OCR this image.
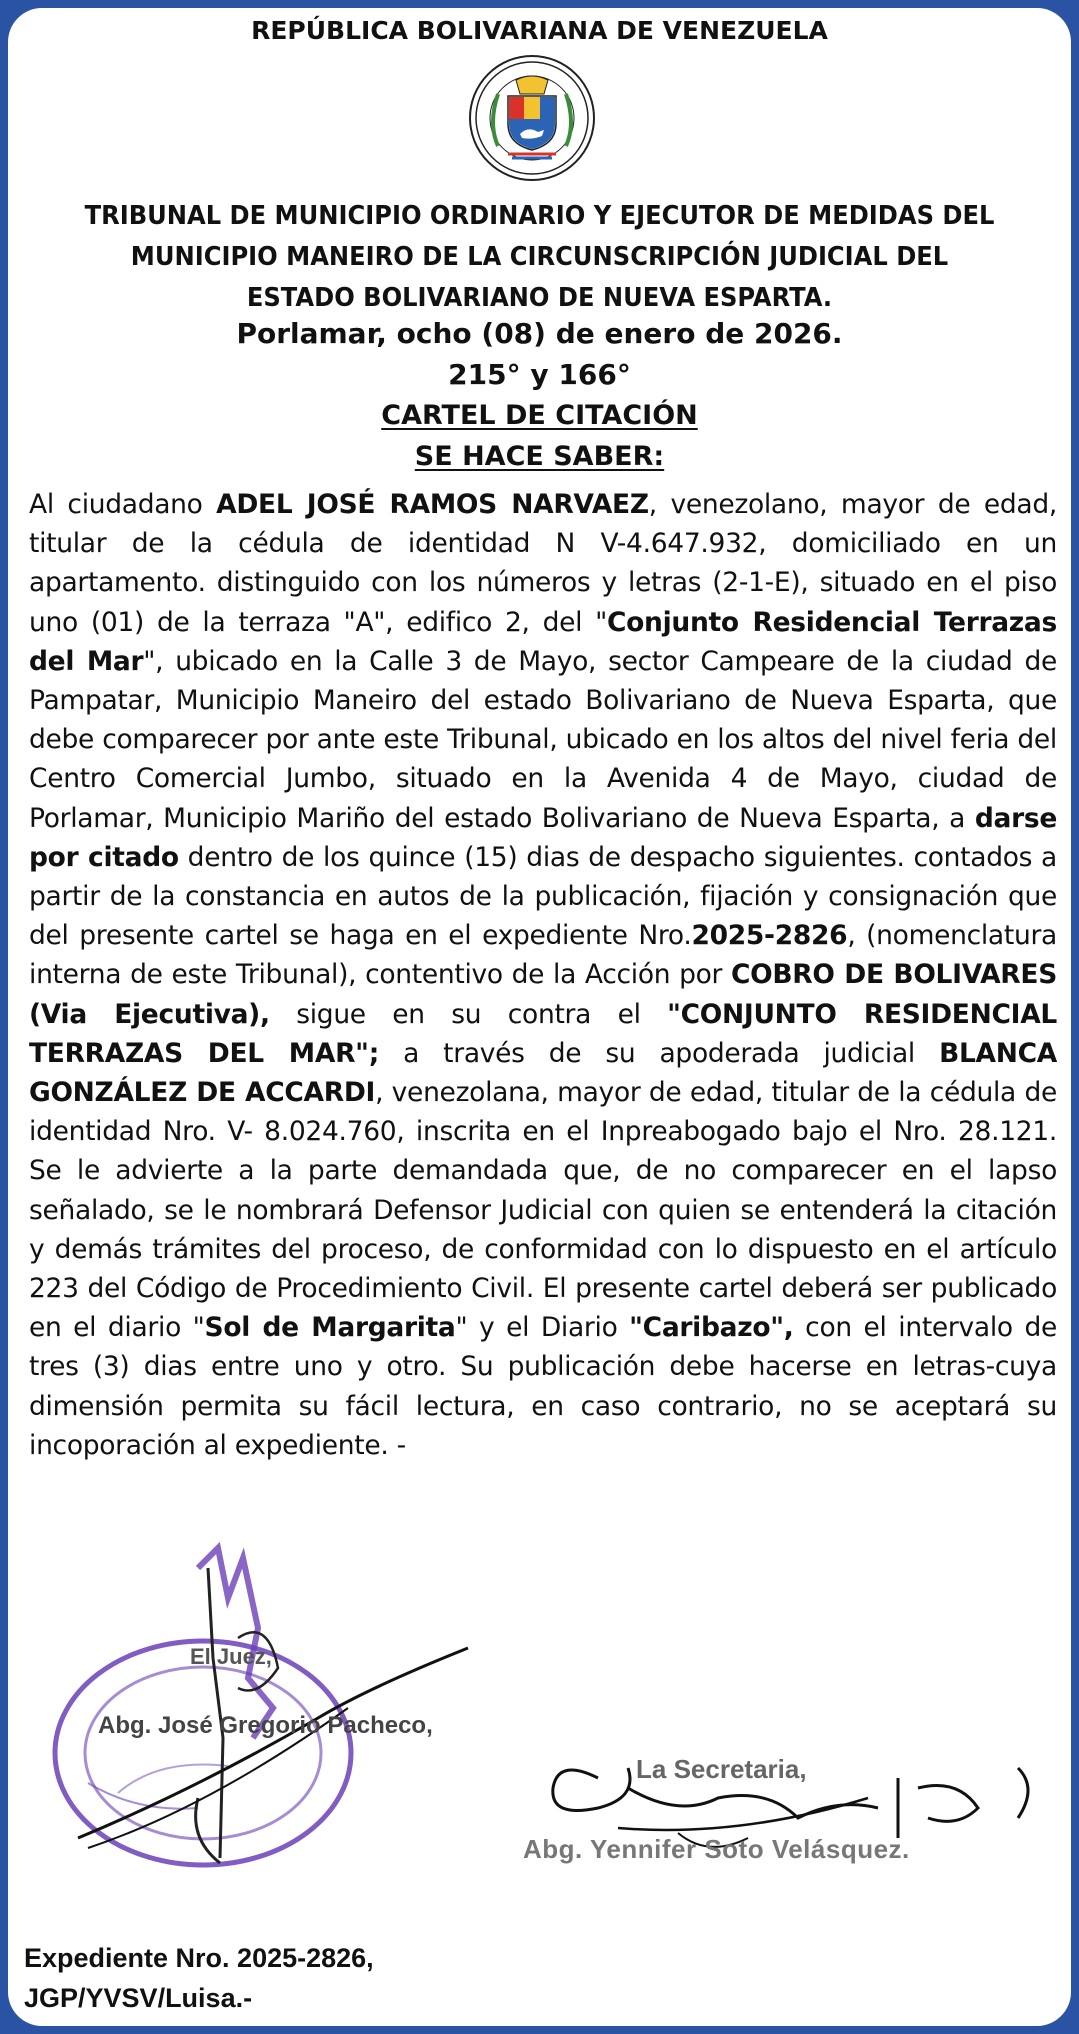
REPÚBLICA BOLIVARIANA DE VENEZUELA
TRIBUNAL DE MUNICIPIO ORDINARIO Y EJECUTOR DE MEDIDAS DEL MUNICIPIO MANEIRO DE LA CIRCUNSCRIPCIÓN JUDICIAL DEL ESTADO BOLIVARIANO DE NUEVA ESPARTA.
Porlamar, ocho (08) de enero de 2026.
215° y 166°
CARTEL DE CITACIÓN
SE HACE SABER:

Al ciudadano ADEL JOSÉ RAMOS NARVAEZ, venezolano, mayor de edad, titular de la cédula de identidad N V-4.647.932, domiciliado en un apartamento. distinguido con los números y letras (2-1-E), situado en el piso uno (01) de la terraza "A", edifico 2, del "Conjunto Residencial Terrazas del Mar", ubicado en la Calle 3 de Mayo, sector Campeare de la ciudad de Pampatar, Municipio Maneiro del estado Bolivariano de Nueva Esparta, que debe comparecer por ante este Tribunal, ubicado en los altos del nivel feria del Centro Comercial Jumbo, situado en la Avenida 4 de Mayo, ciudad de Porlamar, Municipio Mariño del estado Bolivariano de Nueva Esparta, a darse por citado dentro de los quince (15) dias de despacho siguientes. contados a partir de la constancia en autos de la publicación, fijación y consignación que del presente cartel se haga en el expediente Nro.2025-2826, (nomenclatura interna de este Tribunal), contentivo de la Acción por COBRO DE BOLIVARES (Via Ejecutiva), sigue en su contra el "CONJUNTO RESIDENCIAL TERRAZAS DEL MAR"; a través de su apoderada judicial BLANCA GONZÁLEZ DE ACCARDI, venezolana, mayor de edad, titular de la cédula de identidad Nro. V- 8.024.760, inscrita en el Inpreabogado bajo el Nro. 28.121. Se le advierte a la parte demandada que, de no comparecer en el lapso señalado, se le nombrará Defensor Judicial con quien se entenderá la citación y demás trámites del proceso, de conformidad con lo dispuesto en el artículo 223 del Código de Procedimiento Civil. El presente cartel deberá ser publicado en el diario "Sol de Margarita" y el Diario "Caribazo", con el intervalo de tres (3) dias entre uno y otro. Su publicación debe hacerse en letras-cuya dimensión permita su fácil lectura, en caso contrario, no se aceptará su incoporación al expediente. -

El Juez,
Abg. José Gregorio Pacheco,
La Secretaria,
Abg. Yennifer Soto Velásquez.
Expediente Nro. 2025-2826,
JGP/YVSV/Luisa.-
